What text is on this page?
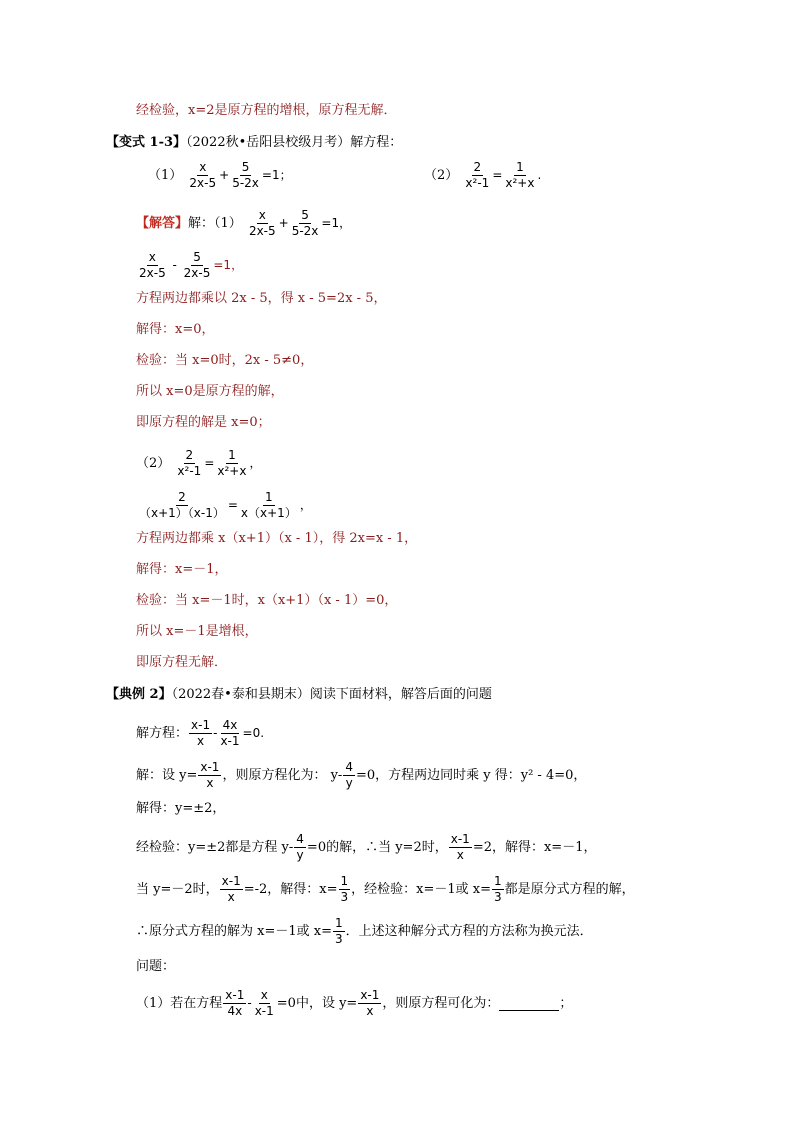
经检验，x=2是原方程的增根，原方程无解．
【变式 1-3】（2022秋•岳阳县校级月考）解方程：
$(1) \frac{x}{2x-5} + \frac{5}{5-2x} =1$；	$(2) \frac{2}{\text{x²-1}} = \frac{1}{\text{x²+x}}$ .
【解答】解：$(1) \frac{x}{2x-5} + \frac{5}{5-2x} =1$，
$\frac{x}{2x-5} - \frac{5}{2x-5} =1$，
方程两边都乘以 2x - 5，得 x - 5=2x - 5，
解得：x=0，
检验：当 x=0时，2x - 5≠0，
所以 x=0是原方程的解，
即原方程的解是 x=0；
$(2) \frac{2}{\text{x²-1}} = \frac{1}{\text{x²+x}}$ ，
$\frac{2}{(x+1)(x-1)} = \frac{1}{x(x+1)}$ ，
方程两边都乘 x（x+1）（x - 1），得 2x=x - 1，
解得：x=－1，
检验：当 x=－1时，x（x+1）（x - 1）=0，
所以 x=－1是增根，
即原方程无解．
【典例 2】（2022春•泰和县期末）阅读下面材料，解答后面的问题
解方程： $\frac{x-1}{x} - \frac{4x}{x-1} =0$.
解：设 $y= \frac{x-1}{x}$ ，则原方程化为： $y- \frac{4}{y} =0$，方程两边同时乘 y 得：y² - 4=0，
解得：y=±2，
经检验：y=±2都是方程 $y- \frac{4}{y} =0$的解，∴当 y=2时， $\frac{x-1}{x} =2$，解得：x=－1，
当 y=－2时， $\frac{x-1}{x} =-2$，解得：$x= \frac{1}{3}$ ，经检验：x=－1或 $x= \frac{1}{3}$ 都是原分式方程的解，
∴原分式方程的解为 x=－1或 $x= \frac{1}{3}$ ．上述这种解分式方程的方法称为换元法．
问题：
（1）若在方程 $\frac{x-1}{4x} - \frac{x}{x-1} =0$中，设 $y= \frac{x-1}{x}$ ，则原方程可化为：	；
